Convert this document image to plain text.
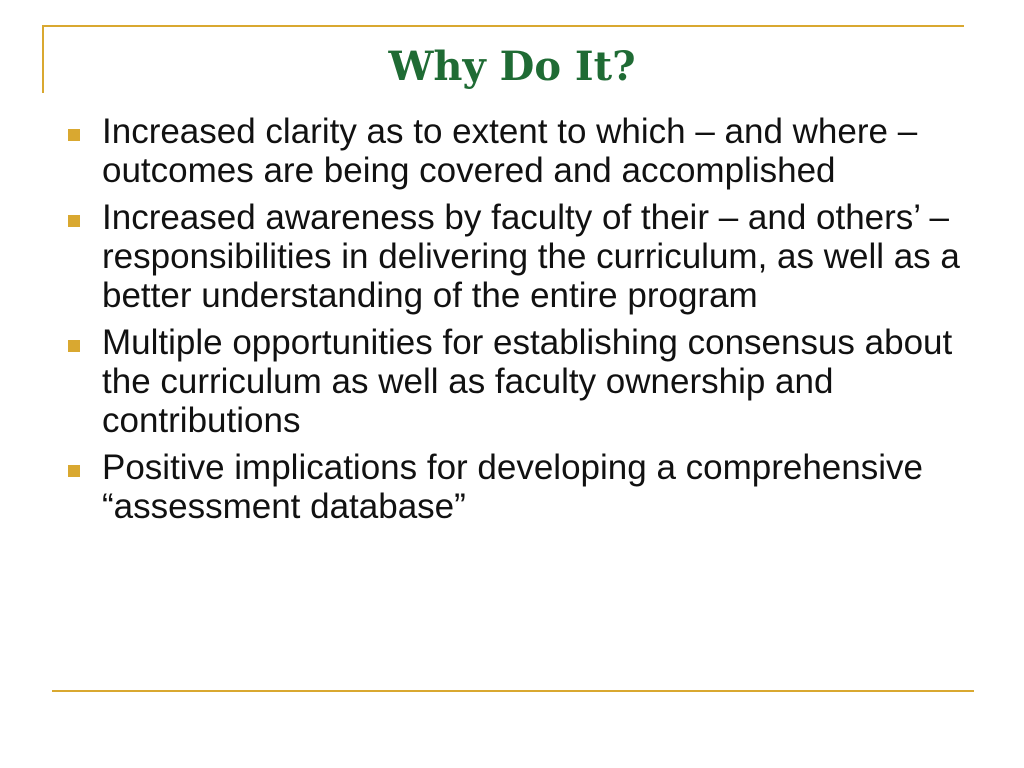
Why Do It?
Increased clarity as to extent to which – and where – outcomes are being covered and accomplished
Increased awareness by faculty of their – and others’ – responsibilities in delivering the curriculum, as well as a better understanding of the entire program
Multiple opportunities for establishing consensus about the curriculum as well as faculty ownership and contributions
Positive implications for developing a comprehensive “assessment database”
